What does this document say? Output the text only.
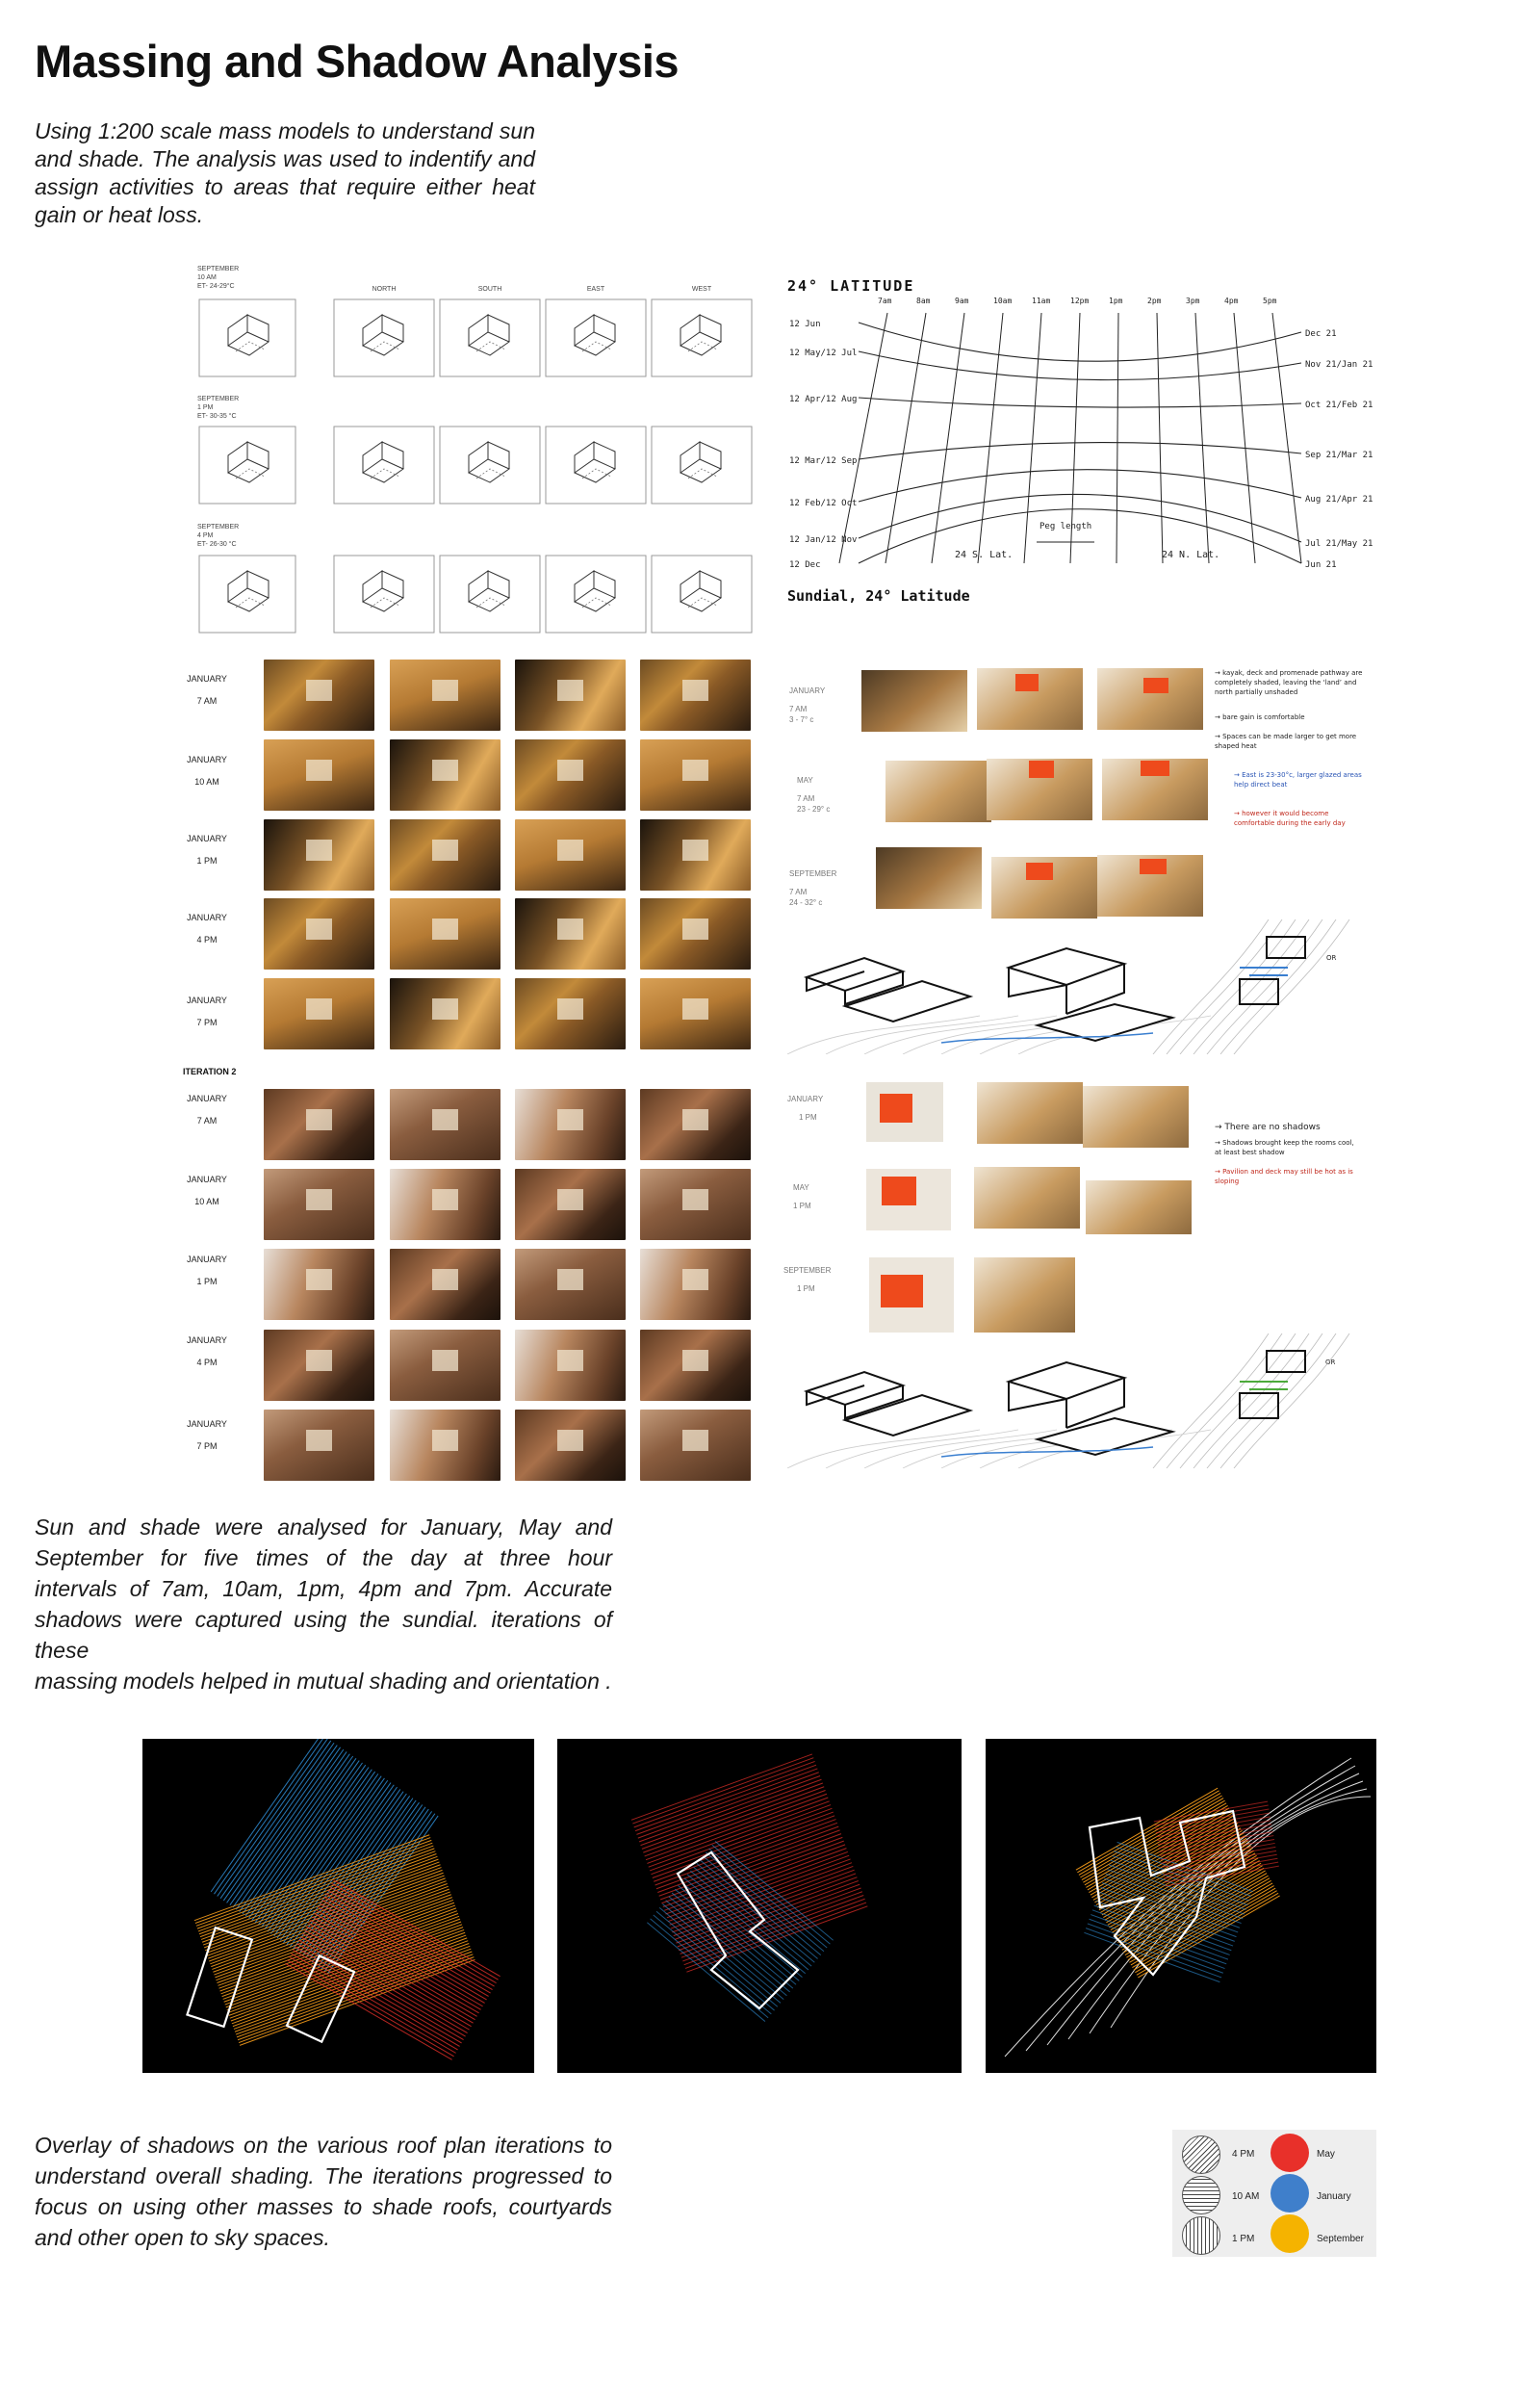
Massing and Shadow Analysis
Using 1:200 scale mass models to understand sun
and shade. The analysis was used to indentify and
assign activities to areas that require either heat
gain or heat loss.
SEPTEMBER
10 AM
ET- 24-29°C	NORTH	SOUTH	EAST	WEST
SEPTEMBER
1 PM
ET- 30-35 °C
SEPTEMBER
4 PM
ET- 26-30 °C
JANUARY
7 AM
JANUARY
10 AM
JANUARY
1 PM
JANUARY
4 PM
JANUARY
7 PM
ITERATION 2
JANUARY
7 AM
JANUARY
10 AM
JANUARY
1 PM
JANUARY
4 PM
JANUARY
7 PM
24° LATITUDE
12 Jun
Dec 21
12 May/12 Jul
Nov 21/Jan 21
12 Apr/12 Aug
Oct 21/Feb 21
12 Mar/12 Sep
Sep 21/Mar 21
12 Feb/12 Oct	Aug 21/Apr 21
12 Jan/12 Nov	Jul 21/May 21
12 Dec	Jun 21
7am	8am	9am	10am	11am	12pm	1pm	2pm	3pm	4pm	5pm
Peg length
24 N. Lat.
24 S. Lat.
Sundial, 24° Latitude
JANUARY
7 AM
3 - 7° c
MAY
7 AM
23 - 29° c
SEPTEMBER
7 AM
24 - 32° c
→ kayak, deck and promenade pathway are completely shaded, leaving the ‘land’ and north partially unshaded
→ bare gain is comfortable
→ Spaces can be made larger to get more shaped heat
→ East is 23-30°c, larger glazed areas help direct beat
→ however it would become comfortable during the early day
OR
JANUARY
1 PM
MAY
1 PM
SEPTEMBER
1 PM
→ There are no shadows
→ Shadows brought keep the rooms cool, at least best shadow
→ Pavilion and deck may still be hot as is sloping
OR
Sun and shade were analysed for January, May and
September for five times of the day at three hour
intervals of 7am, 10am, 1pm, 4pm and 7pm. Accurate
shadows were captured using the sundial. iterations of these
massing models helped in mutual shading and orientation .
Overlay of shadows on the various roof plan iterations to
understand overall shading. The iterations progressed to
focus on using other masses to shade roofs, courtyards
and other open to sky spaces.
4 PM
10 AM
1 PM
May
January
September
